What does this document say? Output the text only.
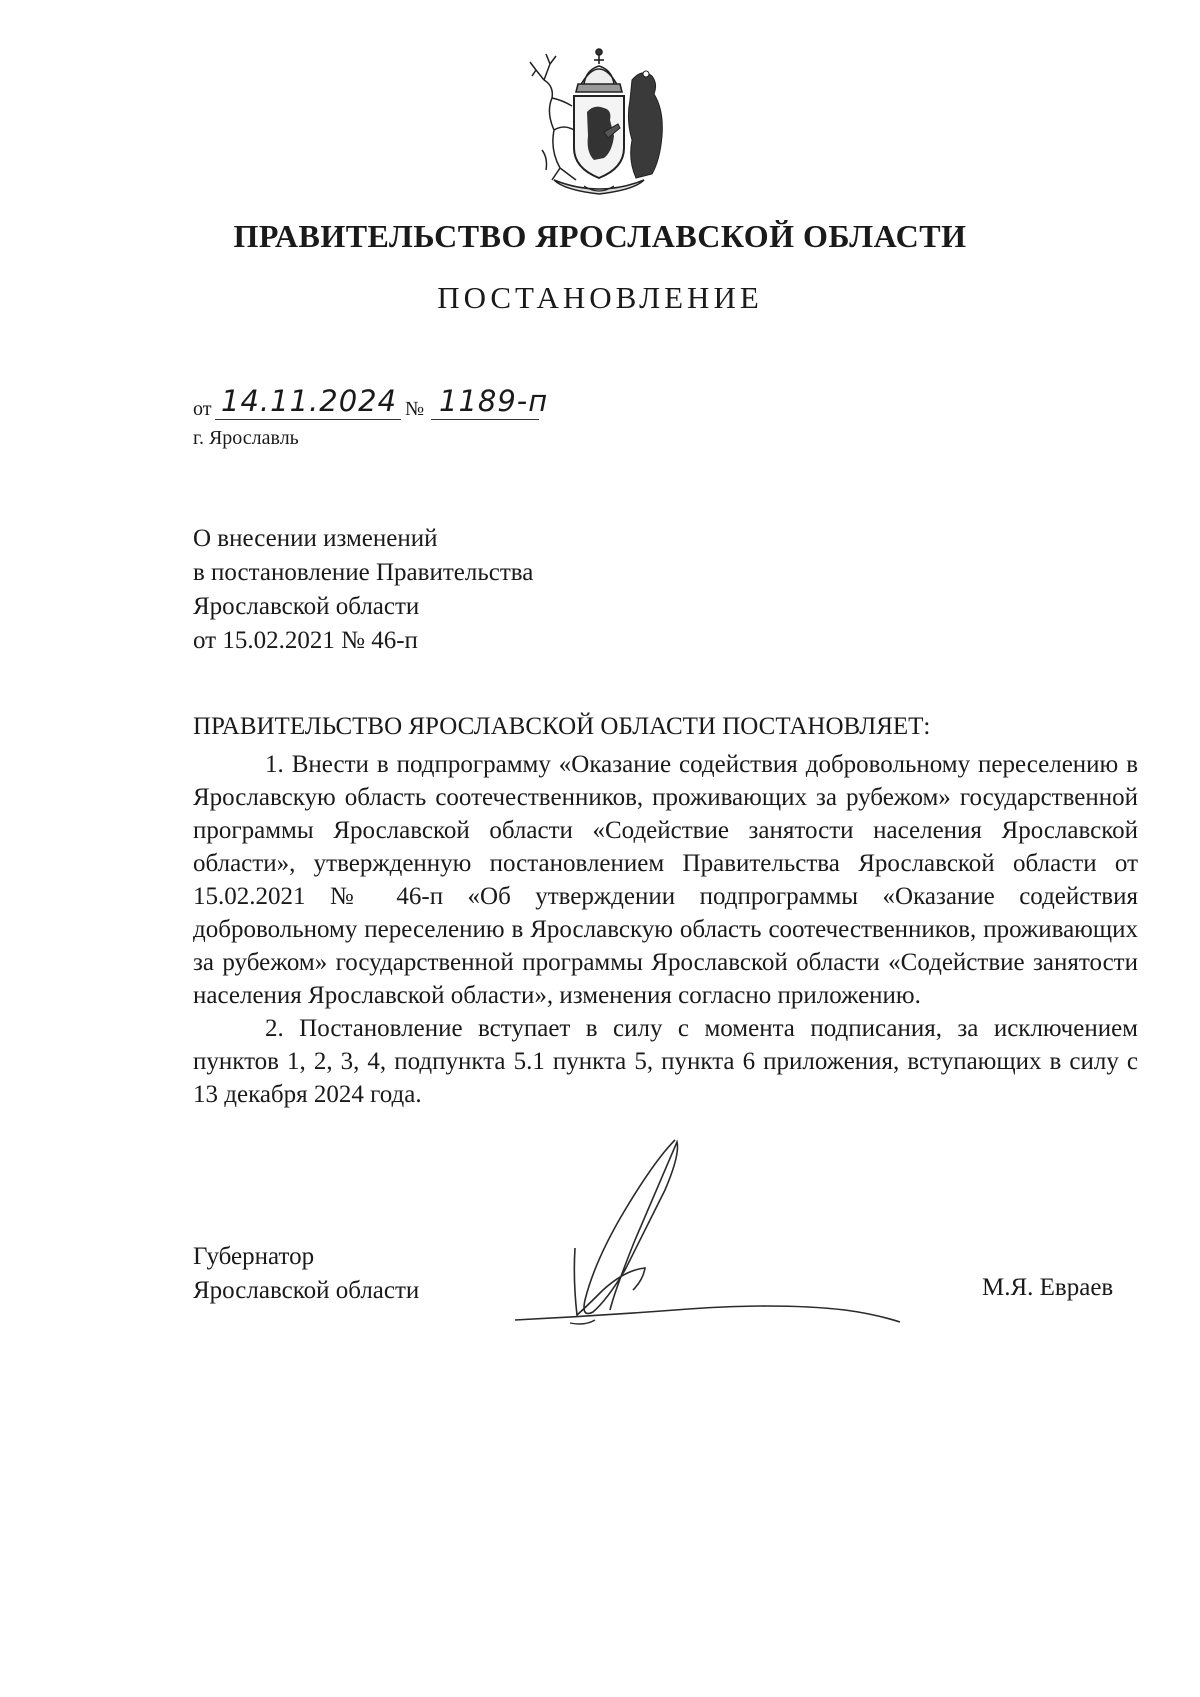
ПРАВИТЕЛЬСТВО ЯРОСЛАВСКОЙ ОБЛАСТИ
ПОСТАНОВЛЕНИЕ
от 14.11.2024 № 1189-п
г. Ярославль
О внесении изменений
в постановление Правительства
Ярославской области
от 15.02.2021 № 46-п
ПРАВИТЕЛЬСТВО ЯРОСЛАВСКОЙ ОБЛАСТИ ПОСТАНОВЛЯЕТ:

1. Внести в подпрограмму «Оказание содействия добровольному переселению в Ярославскую область соотечественников, проживающих за рубежом» государственной программы Ярославской области «Содействие занятости населения Ярославской области», утвержденную постановлением Правительства Ярославской области от 15.02.2021 № 46-п «Об утверждении подпрограммы «Оказание содействия добровольному переселению в Ярославскую область соотечественников, проживающих за рубежом» государственной программы Ярославской области «Содействие занятости населения Ярославской области», изменения согласно приложению.

2. Постановление вступает в силу с момента подписания, за исключением пунктов 1, 2, 3, 4, подпункта 5.1 пункта 5, пункта 6 приложения, вступающих в силу с 13 декабря 2024 года.

Губернатор
Ярославской области	М.Я. Евраев
